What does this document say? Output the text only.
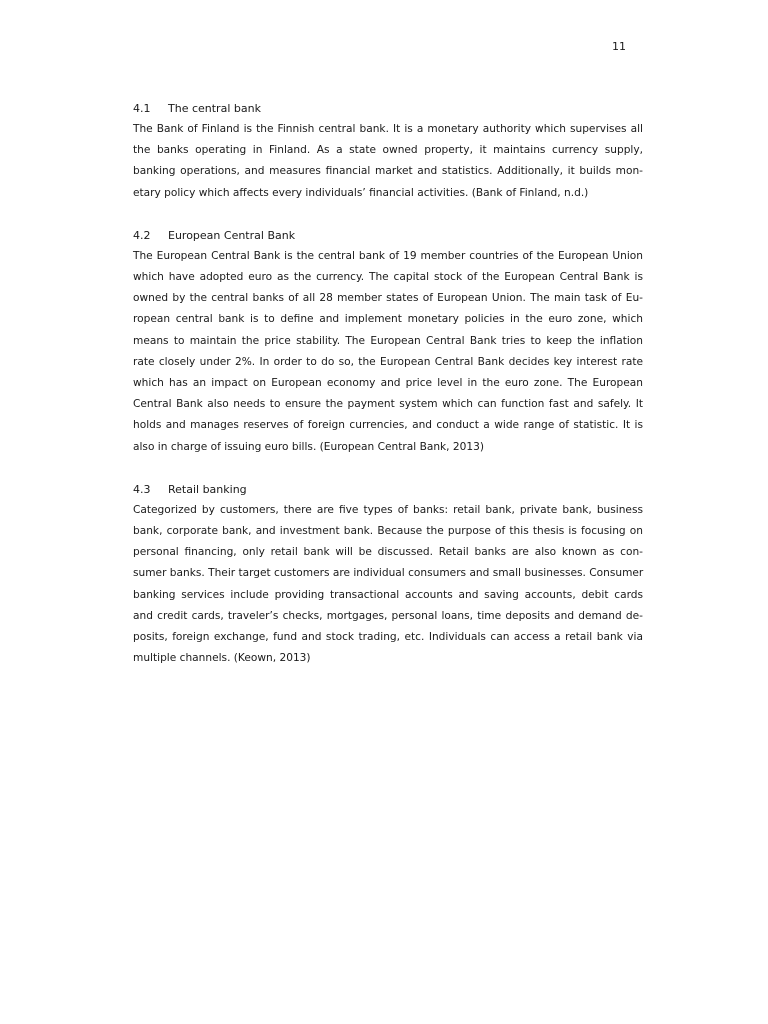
11
4.1 The central bank
The Bank of Finland is the Finnish central bank. It is a monetary authority which supervises all
the banks operating in Finland. As a state owned property, it maintains currency supply,
banking operations, and measures financial market and statistics. Additionally, it builds mon-
etary policy which affects every individuals’ financial activities. (Bank of Finland, n.d.)
4.2 European Central Bank
The European Central Bank is the central bank of 19 member countries of the European Union
which have adopted euro as the currency. The capital stock of the European Central Bank is
owned by the central banks of all 28 member states of European Union. The main task of Eu-
ropean central bank is to define and implement monetary policies in the euro zone, which
means to maintain the price stability. The European Central Bank tries to keep the inflation
rate closely under 2%. In order to do so, the European Central Bank decides key interest rate
which has an impact on European economy and price level in the euro zone. The European
Central Bank also needs to ensure the payment system which can function fast and safely. It
holds and manages reserves of foreign currencies, and conduct a wide range of statistic. It is
also in charge of issuing euro bills. (European Central Bank, 2013)
4.3 Retail banking
Categorized by customers, there are five types of banks: retail bank, private bank, business
bank, corporate bank, and investment bank. Because the purpose of this thesis is focusing on
personal financing, only retail bank will be discussed. Retail banks are also known as con-
sumer banks. Their target customers are individual consumers and small businesses. Consumer
banking services include providing transactional accounts and saving accounts, debit cards
and credit cards, traveler’s checks, mortgages, personal loans, time deposits and demand de-
posits, foreign exchange, fund and stock trading, etc. Individuals can access a retail bank via
multiple channels. (Keown, 2013)
